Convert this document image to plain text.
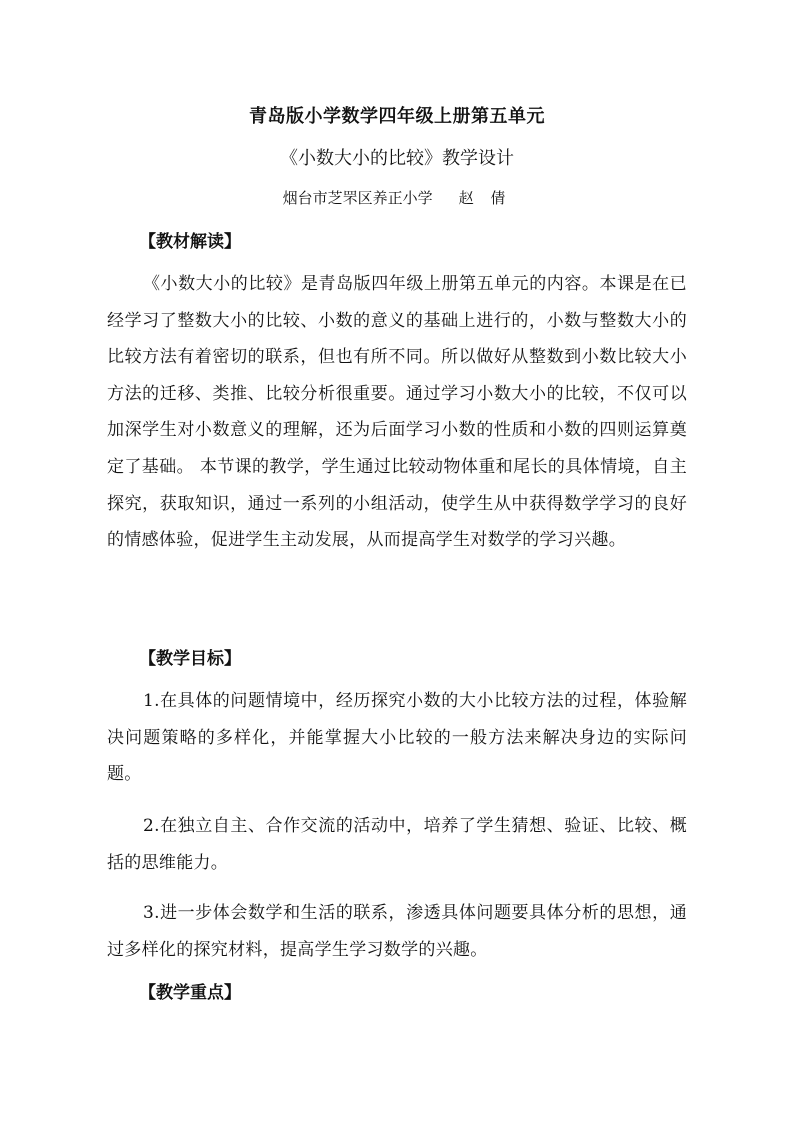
青岛版小学数学四年级上册第五单元
《小数大小的比较》教学设计
烟台市芝罘区养正小学 赵 倩
【教材解读】
《小数大小的比较》是青岛版四年级上册第五单元的内容。本课是在已经学习了整数大小的比较、小数的意义的基础上进行的，小数与整数大小的比较方法有着密切的联系，但也有所不同。所以做好从整数到小数比较大小方法的迁移、类推、比较分析很重要。通过学习小数大小的比较，不仅可以加深学生对小数意义的理解，还为后面学习小数的性质和小数的四则运算奠定了基础。 本节课的教学，学生通过比较动物体重和尾长的具体情境，自主探究，获取知识，通过一系列的小组活动，使学生从中获得数学学习的良好的情感体验，促进学生主动发展，从而提高学生对数学的学习兴趣。
【教学目标】
1.在具体的问题情境中，经历探究小数的大小比较方法的过程，体验解决问题策略的多样化，并能掌握大小比较的一般方法来解决身边的实际问题。
2.在独立自主、合作交流的活动中，培养了学生猜想、验证、比较、概括的思维能力。
3.进一步体会数学和生活的联系，渗透具体问题要具体分析的思想，通过多样化的探究材料，提高学生学习数学的兴趣。
【教学重点】
